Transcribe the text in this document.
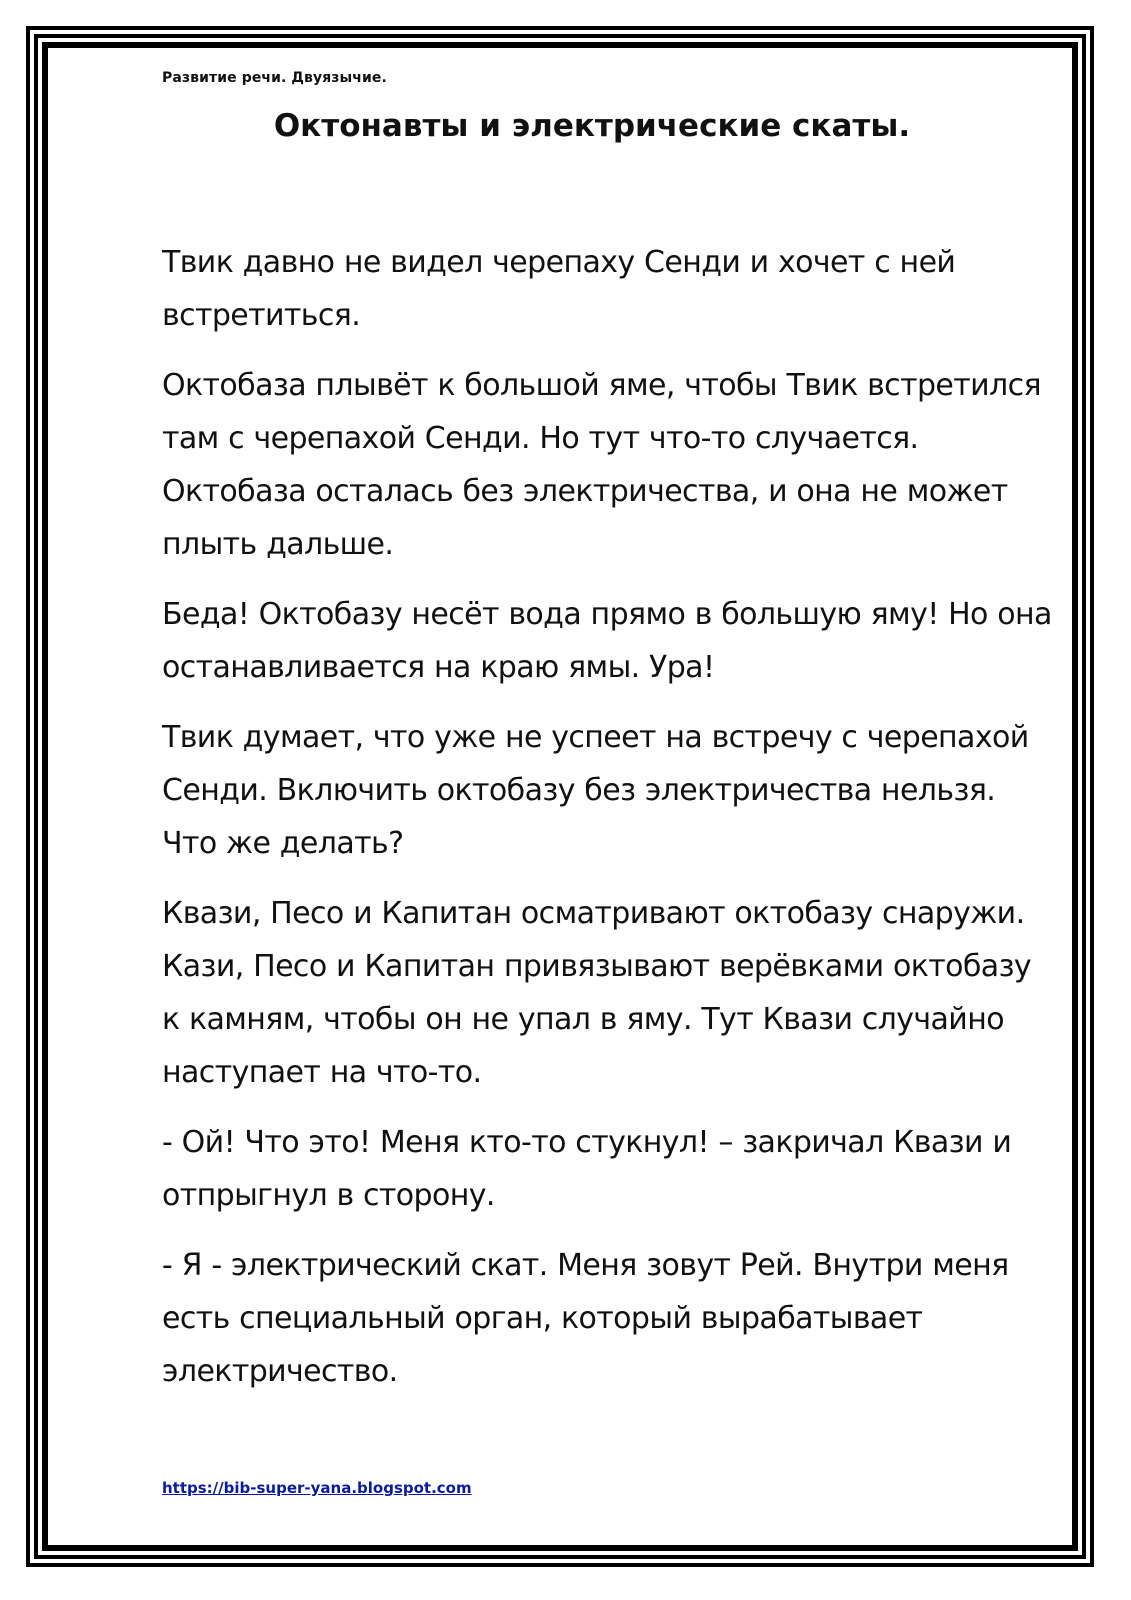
Развитие речи. Двуязычие.
Октонавты и электрические скаты.

Твик давно не видел черепаху Сенди и хочет с ней встретиться.

Октобаза плывёт к большой яме, чтобы Твик встретился там с черепахой Сенди. Но тут что-то случается. Октобаза осталась без электричества, и она не может плыть дальше.

Беда! Октобазу несёт вода прямо в большую яму! Но она останавливается на краю ямы. Ура!

Твик думает, что уже не успеет на встречу с черепахой Сенди. Включить октобазу без электричества нельзя. Что же делать?

Квази, Песо и Капитан осматривают октобазу снаружи. Кази, Песо и Капитан привязывают верёвками октобазу к камням, чтобы он не упал в яму. Тут Квази случайно наступает на что-то.

- Ой! Что это! Меня кто-то стукнул! – закричал Квази и отпрыгнул в сторону.

- Я - электрический скат. Меня зовут Рей. Внутри меня есть специальный орган, который вырабатывает электричество.

https://bib-super-yana.blogspot.com
